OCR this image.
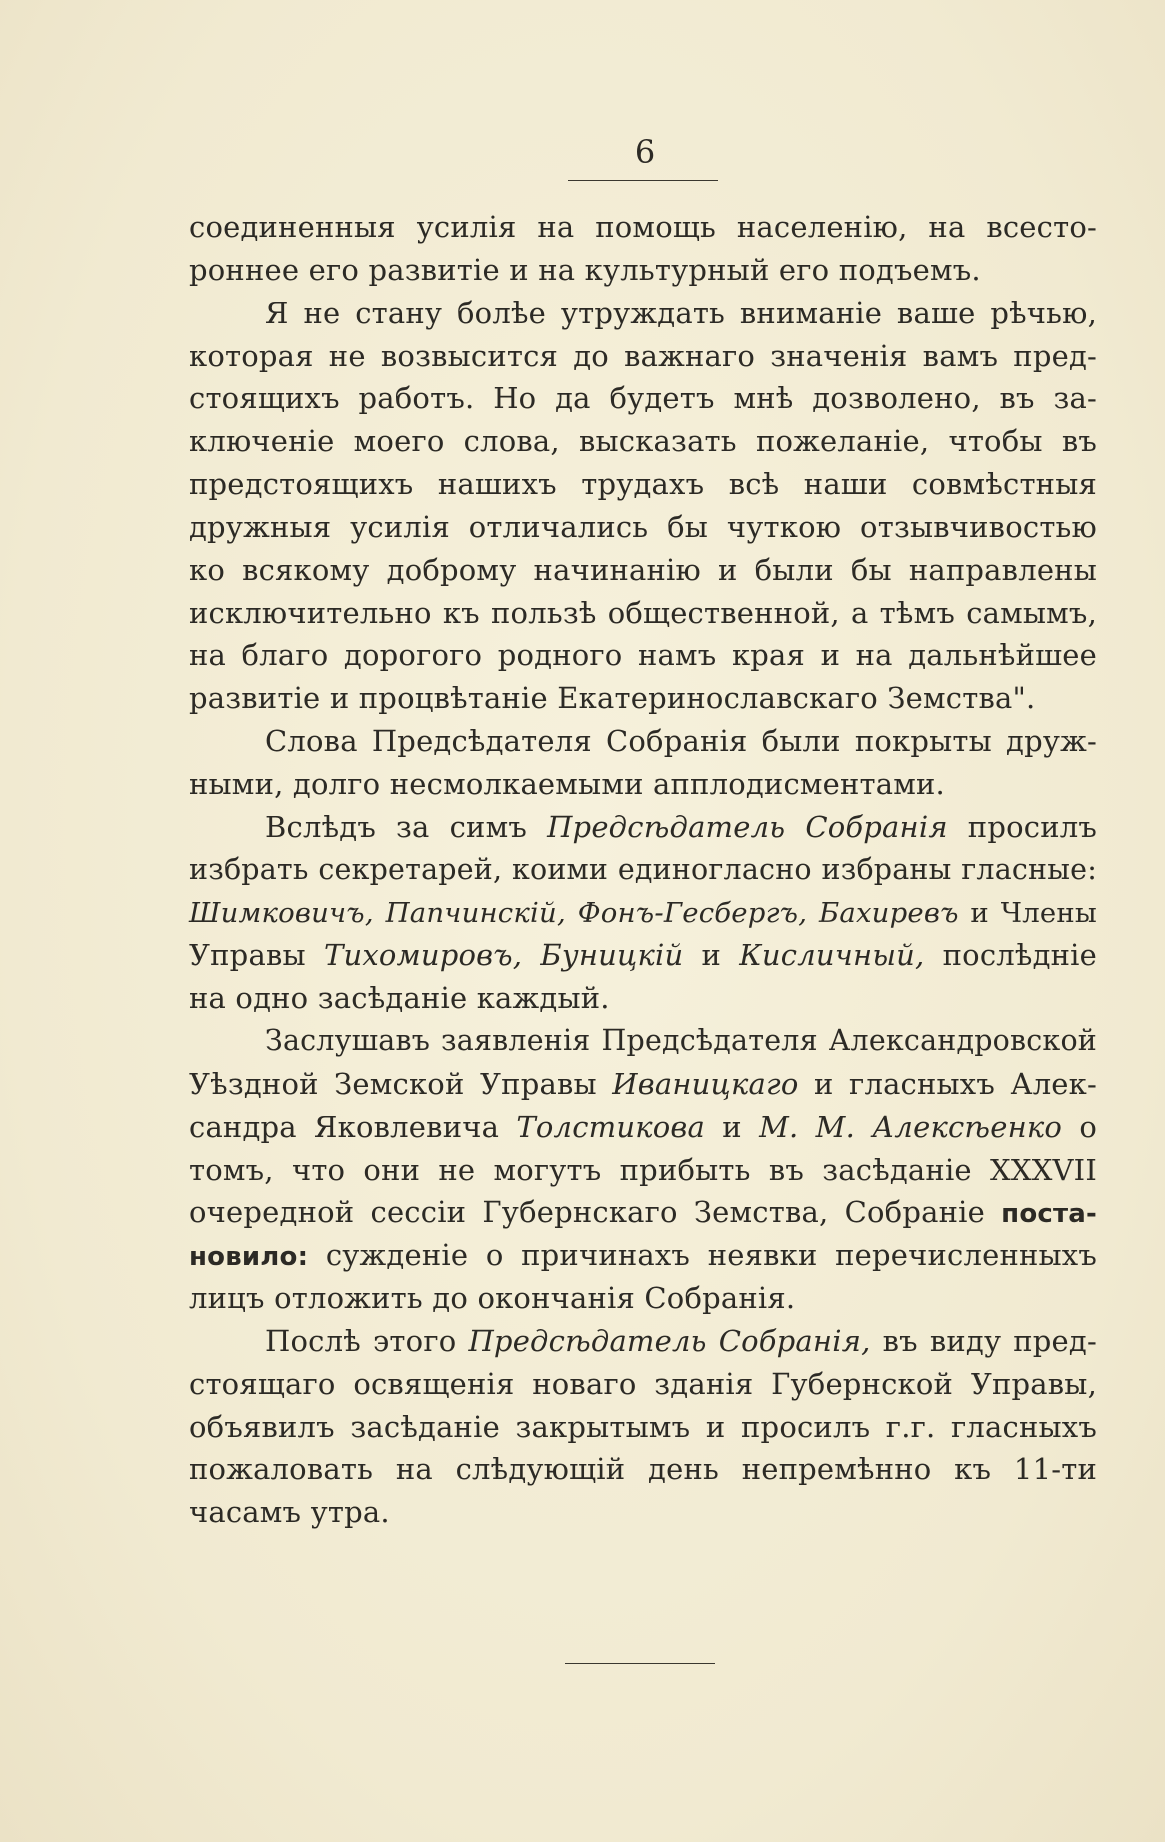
6
соединенныя усилія на помощь населенію, на всесто-
роннее его развитіе и на культурный его подъемъ.
Я не стану болѣе утруждать вниманіе ваше рѣчью,
которая не возвысится до важнаго значенія вамъ пред-
стоящихъ работъ. Но да будетъ мнѣ дозволено, въ за-
ключеніе моего слова, высказать пожеланіе, чтобы въ
предстоящихъ нашихъ трудахъ всѣ наши совмѣстныя
дружныя усилія отличались бы чуткою отзывчивостью
ко всякому доброму начинанію и были бы направлены
исключительно къ пользѣ общественной, а тѣмъ самымъ,
на благо дорогого родного намъ края и на дальнѣйшее
развитіе и процвѣтаніе Екатеринославскаго Земства".
Слова Предсѣдателя Собранія были покрыты друж-
ными, долго несмолкаемыми апплодисментами.
Вслѣдъ за симъ Предсѣдатель Собранія просилъ
избрать секретарей, коими единогласно избраны гласные:
Шимковичъ, Папчинскій, Фонъ-Гесбергъ, Бахиревъ и Члены
Управы Тихомировъ, Буницкій и Кисличный, послѣдніе
на одно засѣданіе каждый.
Заслушавъ заявленія Предсѣдателя Александровской
Уѣздной Земской Управы Иваницкаго и гласныхъ Алек-
сандра Яковлевича Толстикова и М. М. Алексѣенко о
томъ, что они не могутъ прибыть въ засѣданіе XXXVII
очередной сессіи Губернскаго Земства, Собраніе поста-
новило: сужденіе о причинахъ неявки перечисленныхъ
лицъ отложить до окончанія Собранія.
Послѣ этого Предсѣдатель Собранія, въ виду пред-
стоящаго освященія новаго зданія Губернской Управы,
объявилъ засѣданіе закрытымъ и просилъ г.г. гласныхъ
пожаловать на слѣдующій день непремѣнно къ 11-ти
часамъ утра.
